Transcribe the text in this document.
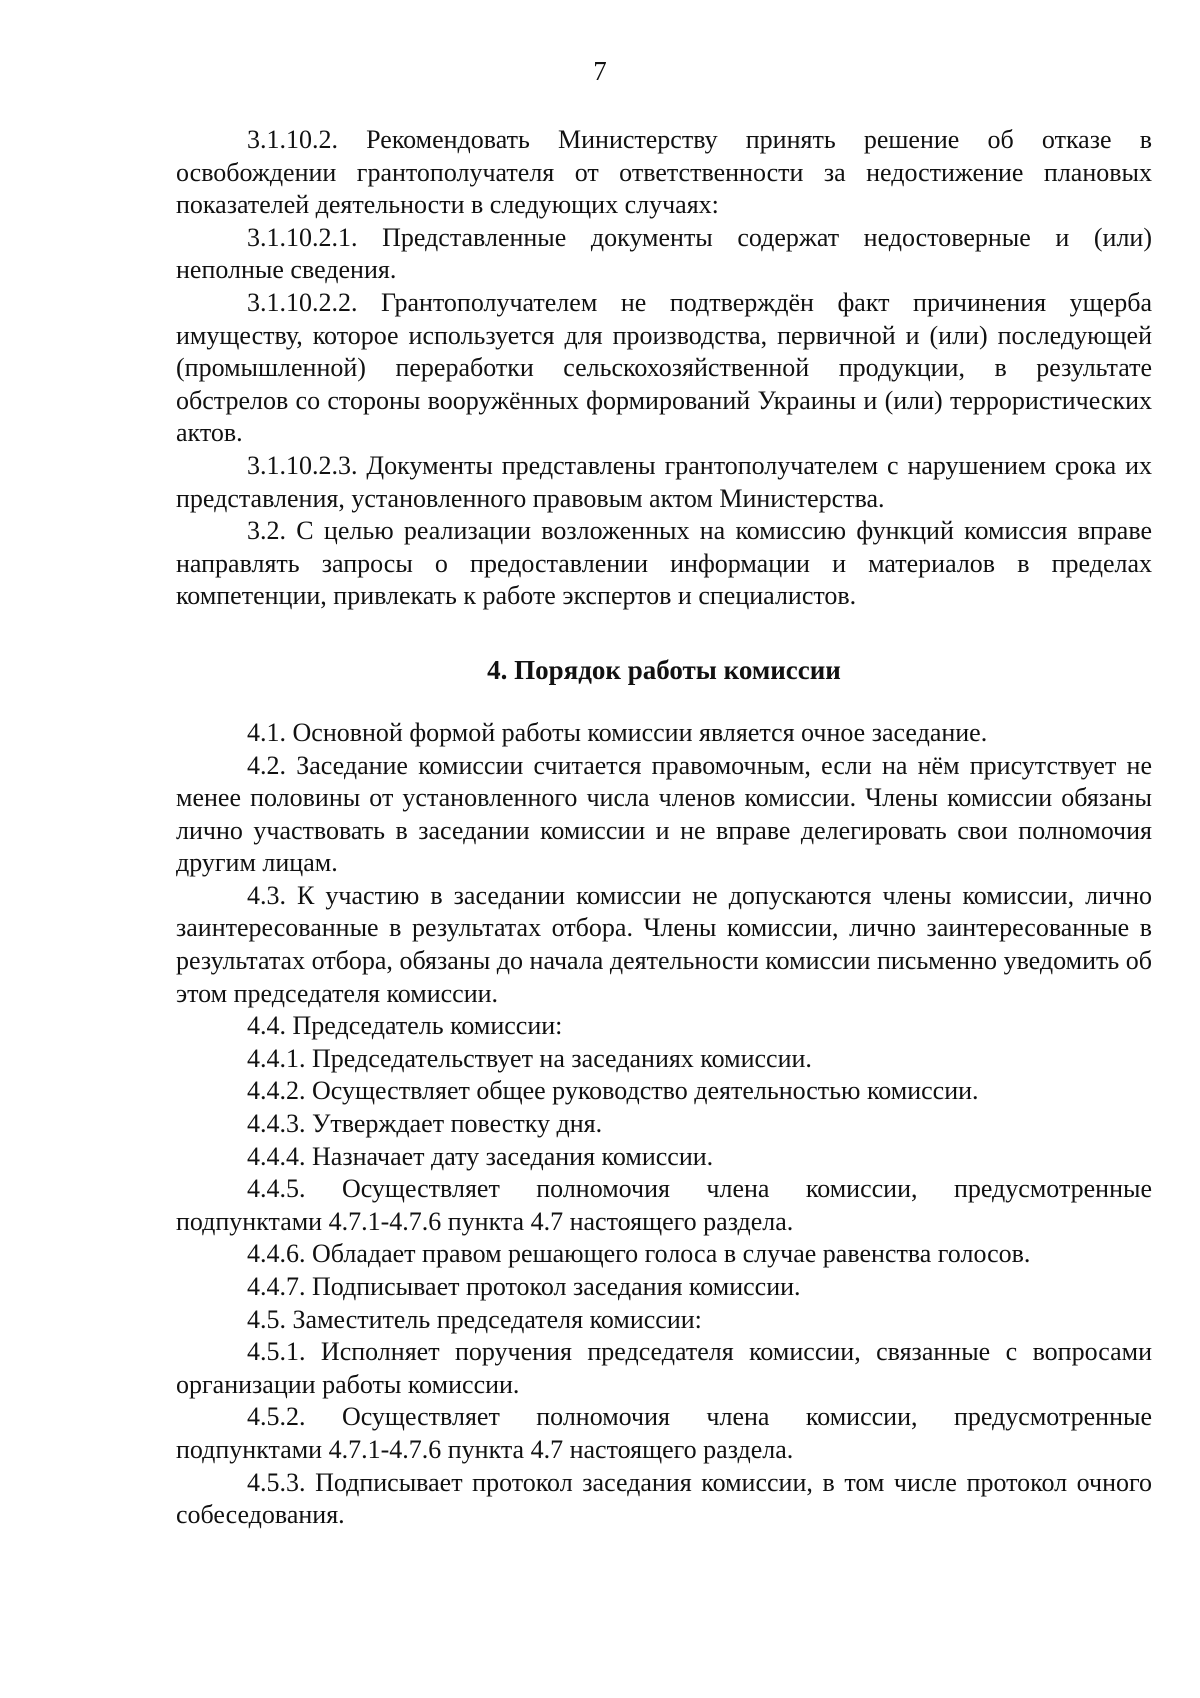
7

3.1.10.2. Рекомендовать Министерству принять решение об отказе в освобождении грантополучателя от ответственности за недостижение плановых показателей деятельности в следующих случаях:

3.1.10.2.1. Представленные документы содержат недостоверные и (или) неполные сведения.

3.1.10.2.2. Грантополучателем не подтверждён факт причинения ущерба имуществу, которое используется для производства, первичной и (или) последующей (промышленной) переработки сельскохозяйственной продукции, в результате обстрелов со стороны вооружённых формирований Украины и (или) террористических актов.

3.1.10.2.3. Документы представлены грантополучателем с нарушением срока их представления, установленного правовым актом Министерства.

3.2. С целью реализации возложенных на комиссию функций комиссия вправе направлять запросы о предоставлении информации и материалов в пределах компетенции, привлекать к работе экспертов и специалистов.

4. Порядок работы комиссии

4.1. Основной формой работы комиссии является очное заседание.

4.2. Заседание комиссии считается правомочным, если на нём присутствует не менее половины от установленного числа членов комиссии. Члены комиссии обязаны лично участвовать в заседании комиссии и не вправе делегировать свои полномочия другим лицам.

4.3. К участию в заседании комиссии не допускаются члены комиссии, лично заинтересованные в результатах отбора. Члены комиссии, лично заинтересованные в результатах отбора, обязаны до начала деятельности комиссии письменно уведомить об этом председателя комиссии.

4.4. Председатель комиссии:

4.4.1. Председательствует на заседаниях комиссии.

4.4.2. Осуществляет общее руководство деятельностью комиссии.

4.4.3. Утверждает повестку дня.

4.4.4. Назначает дату заседания комиссии.

4.4.5. Осуществляет полномочия члена комиссии, предусмотренные подпунктами 4.7.1-4.7.6 пункта 4.7 настоящего раздела.

4.4.6. Обладает правом решающего голоса в случае равенства голосов.

4.4.7. Подписывает протокол заседания комиссии.

4.5. Заместитель председателя комиссии:

4.5.1. Исполняет поручения председателя комиссии, связанные с вопросами организации работы комиссии.

4.5.2. Осуществляет полномочия члена комиссии, предусмотренные подпунктами 4.7.1-4.7.6 пункта 4.7 настоящего раздела.

4.5.3. Подписывает протокол заседания комиссии, в том числе протокол очного собеседования.
